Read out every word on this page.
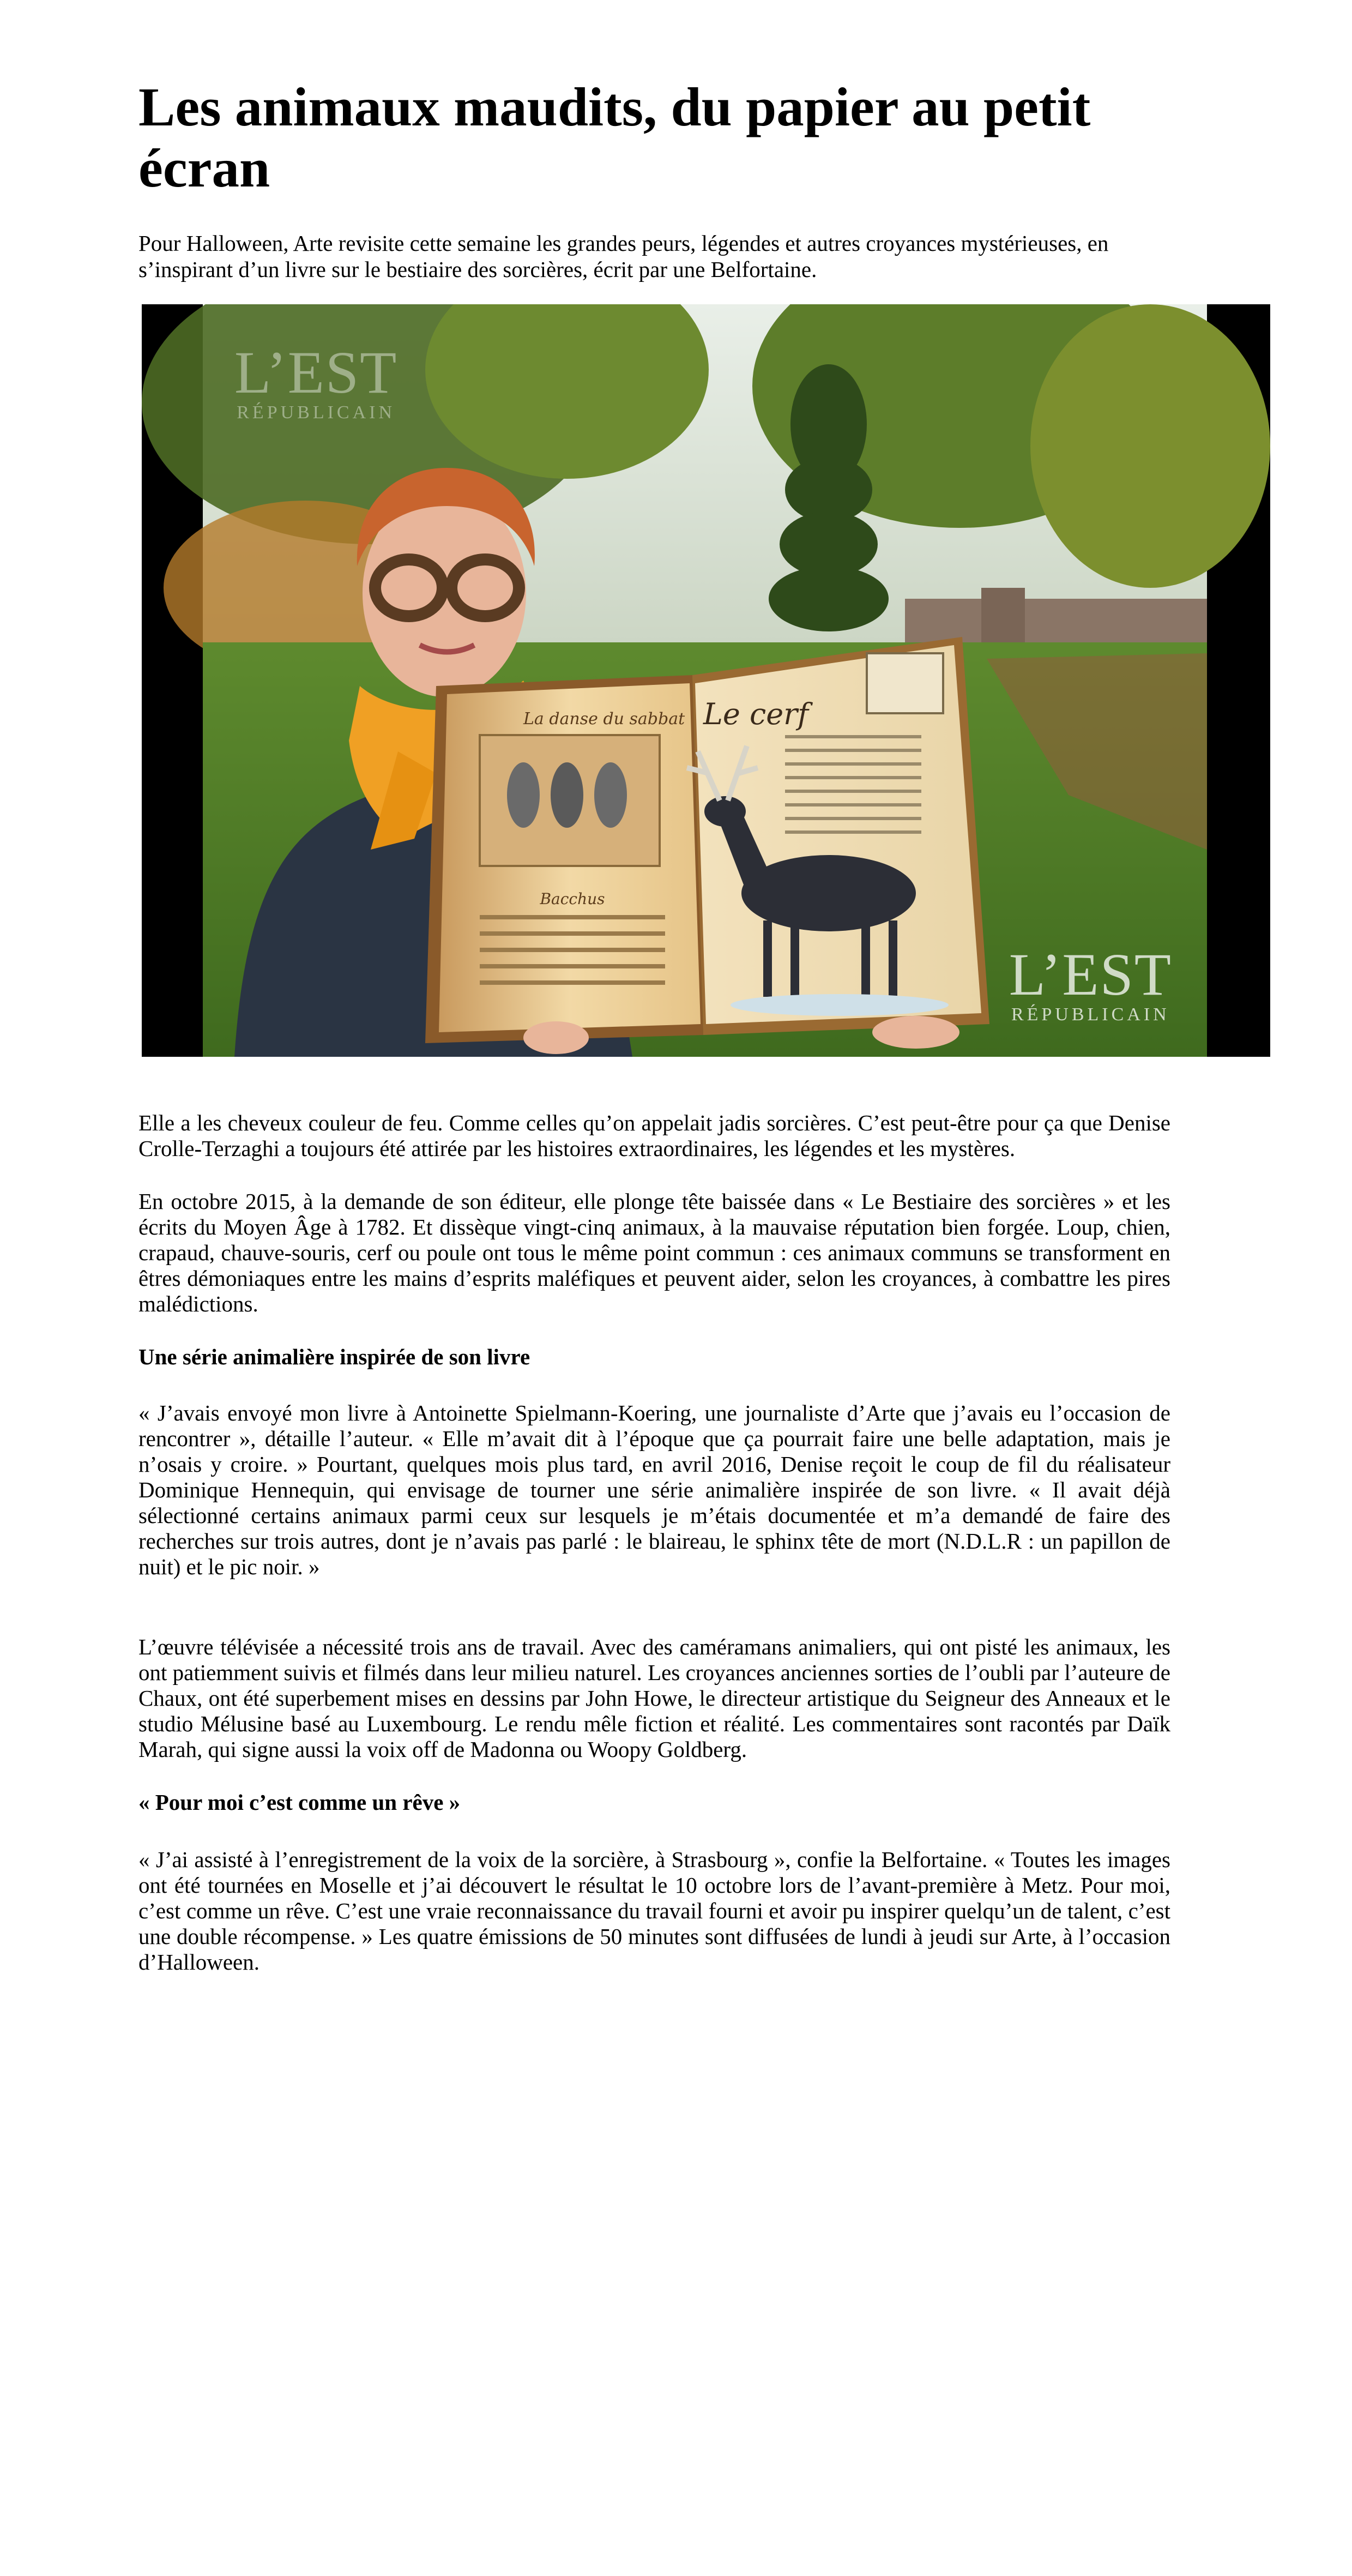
Les animaux maudits, du papier au petit écran

Pour Halloween, Arte revisite cette semaine les grandes peurs, légendes et autres croyances mystérieuses, en s’inspirant d’un livre sur le bestiaire des sorcières, écrit par une Belfortaine.

La danse du sabbat
Bacchus
Le cerf
L’EST
RÉPUBLICAIN
L’EST
RÉPUBLICAIN

Elle a les cheveux couleur de feu. Comme celles qu’on appelait jadis sorcières. C’est peut-être pour ça que Denise Crolle-Terzaghi a toujours été attirée par les histoires extraordinaires, les légendes et les mystères.

En octobre 2015, à la demande de son éditeur, elle plonge tête baissée dans « Le Bestiaire des sorcières » et les écrits du Moyen Âge à 1782. Et dissèque vingt-cinq animaux, à la mauvaise réputation bien forgée. Loup, chien, crapaud, chauve-souris, cerf ou poule ont tous le même point commun : ces animaux communs se transforment en êtres démoniaques entre les mains d’esprits maléfiques et peuvent aider, selon les croyances, à combattre les pires malédictions.

Une série animalière inspirée de son livre

« J’avais envoyé mon livre à Antoinette Spielmann-Koering, une journaliste d’Arte que j’avais eu l’occasion de rencontrer », détaille l’auteur. « Elle m’avait dit à l’époque que ça pourrait faire une belle adaptation, mais je n’osais y croire. » Pourtant, quelques mois plus tard, en avril 2016, Denise reçoit le coup de fil du réalisateur Dominique Hennequin, qui envisage de tourner une série animalière inspirée de son livre. « Il avait déjà sélectionné certains animaux parmi ceux sur lesquels je m’étais documentée et m’a demandé de faire des recherches sur trois autres, dont je n’avais pas parlé : le blaireau, le sphinx tête de mort (N.D.L.R : un papillon de nuit) et le pic noir. »

L’œuvre télévisée a nécessité trois ans de travail. Avec des caméramans animaliers, qui ont pisté les animaux, les ont patiemment suivis et filmés dans leur milieu naturel. Les croyances anciennes sorties de l’oubli par l’auteure de Chaux, ont été superbement mises en dessins par John Howe, le directeur artistique du Seigneur des Anneaux et le studio Mélusine basé au Luxembourg. Le rendu mêle fiction et réalité. Les commentaires sont racontés par Daïk Marah, qui signe aussi la voix off de Madonna ou Woopy Goldberg.

« Pour moi c’est comme un rêve »

« J’ai assisté à l’enregistrement de la voix de la sorcière, à Strasbourg », confie la Belfortaine. « Toutes les images ont été tournées en Moselle et j’ai découvert le résultat le 10 octobre lors de l’avant-première à Metz. Pour moi, c’est comme un rêve. C’est une vraie reconnaissance du travail fourni et avoir pu inspirer quelqu’un de talent, c’est une double récompense. » Les quatre émissions de 50 minutes sont diffusées de lundi à jeudi sur Arte, à l’occasion d’Halloween.
